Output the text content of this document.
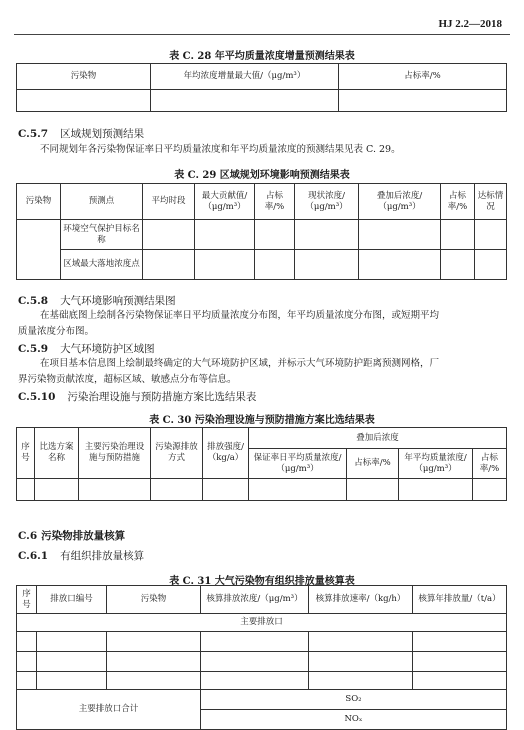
HJ 2.2—2018
表 C. 28 年平均质量浓度增量预测结果表
污染物	年均浓度增量最大值/（μg/m³）	占标率/%

C.5.7 区域规划预测结果
不同规划年各污染物保证率日平均质量浓度和年平均质量浓度的预测结果见表 C. 29。
表 C. 29 区域规划环境影响预测结果表
污染物	预测点	平均时段	最大贡献值/（μg/m³）	占标率/%	现状浓度/（μg/m³）	叠加后浓度/（μg/m³）	占标率/%	达标情况
	环境空气保护目标名称							
	区域最大落地浓度点							
C.5.8 大气环境影响预测结果图
在基础底图上绘制各污染物保证率日平均质量浓度分布图，年平均质量浓度分布图，或短期平均
质量浓度分布图。
C.5.9 大气环境防护区域图
在项目基本信息图上绘制最终确定的大气环境防护区域，并标示大气环境防护距离预测网格，厂
界污染物贡献浓度，超标区域、敏感点分布等信息。
C.5.10 污染治理设施与预防措施方案比选结果表
表 C. 30 污染治理设施与预防措施方案比选结果表
序号	比选方案名称	主要污染治理设施与预防措施	污染源排放方式	排放强度/（kg/a）	叠加后浓度			
					保证率日平均质量浓度/（μg/m³）	占标率/%	年平均质量浓度/（μg/m³）	占标率/%

C.6 污染物排放量核算
C.6.1 有组织排放量核算
表 C. 31 大气污染物有组织排放量核算表
序号	排放口编号	污染物	核算排放浓度/（μg/m³）	核算排放速率/（kg/h）	核算年排放量/（t/a）
主要排放口					

主要排放口合计			SO₂		
			NOₓ		
